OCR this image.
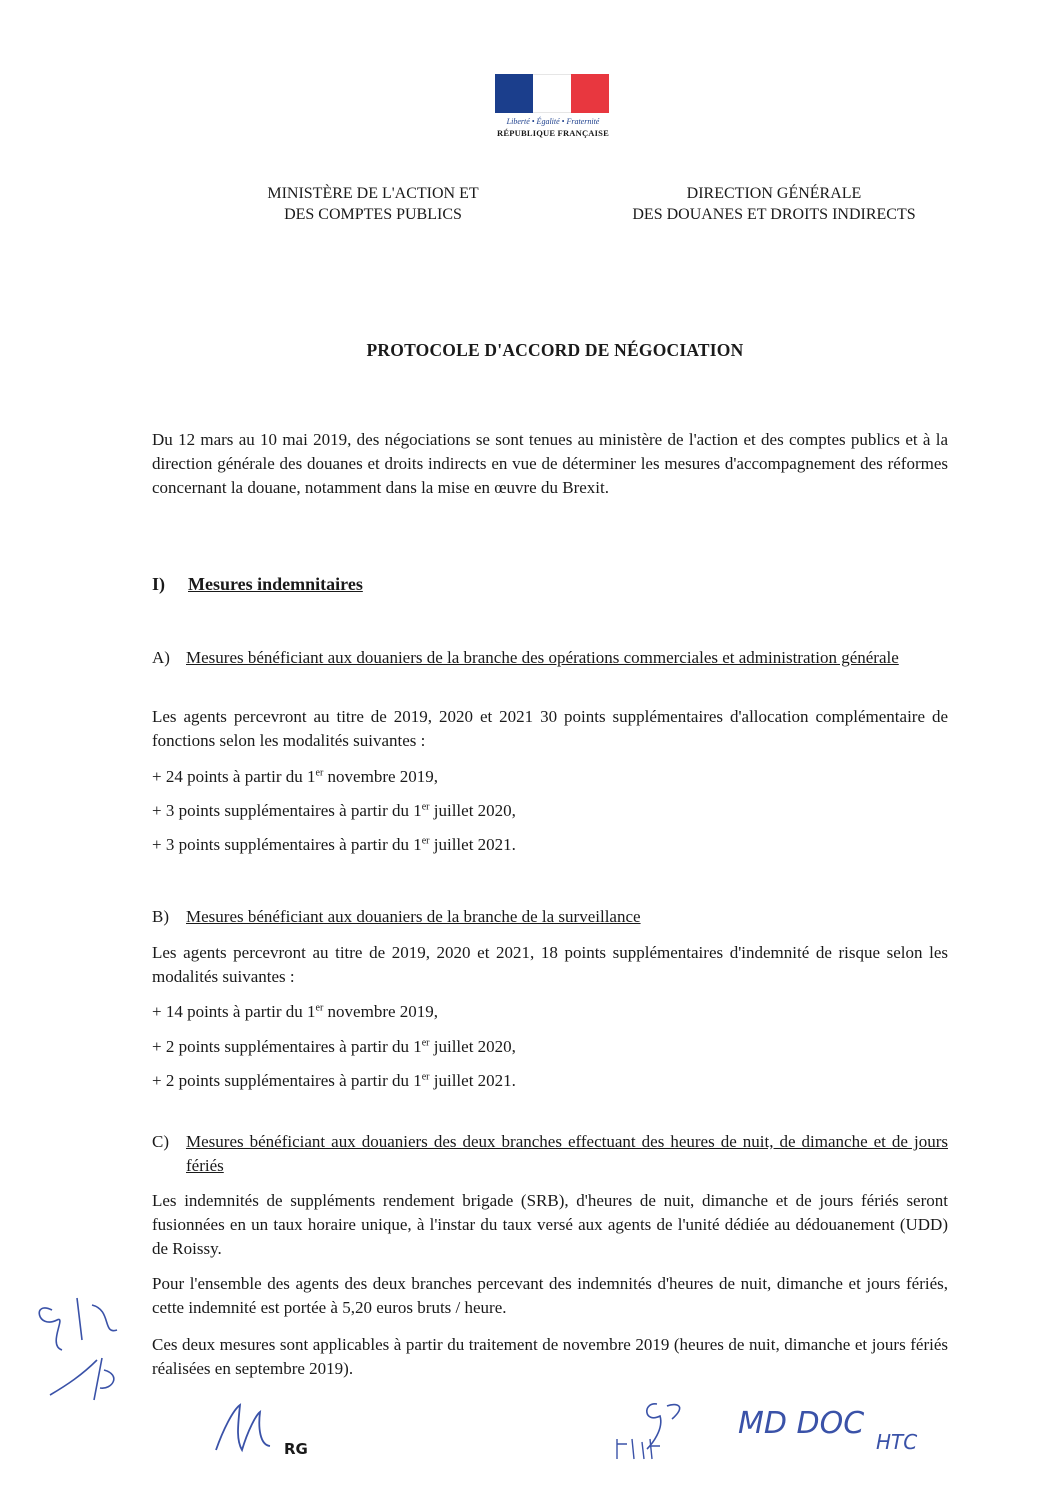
Liberté • Égalité • Fraternité
RÉPUBLIQUE FRANÇAISE
MINISTÈRE DE L'ACTION ET
DES COMPTES PUBLICS
DIRECTION GÉNÉRALE
DES DOUANES ET DROITS INDIRECTS
PROTOCOLE D'ACCORD DE NÉGOCIATION

Du 12 mars au 10 mai 2019, des négociations se sont tenues au ministère de l'action et des comptes publics et à la direction générale des douanes et droits indirects en vue de déterminer les mesures d'accompagnement des réformes concernant la douane, notamment dans la mise en œuvre du Brexit.

I) Mesures indemnitaires
A) Mesures bénéficiant aux douaniers de la branche des opérations commerciales et administration générale

Les agents percevront au titre de 2019, 2020 et 2021 30 points supplémentaires d'allocation complémentaire de fonctions selon les modalités suivantes :

+ 24 points à partir du 1er novembre 2019,
+ 3 points supplémentaires à partir du 1er juillet 2020,
+ 3 points supplémentaires à partir du 1er juillet 2021.
B) Mesures bénéficiant aux douaniers de la branche de la surveillance

Les agents percevront au titre de 2019, 2020 et 2021, 18 points supplémentaires d'indemnité de risque selon les modalités suivantes :

+ 14 points à partir du 1er novembre 2019,
+ 2 points supplémentaires à partir du 1er juillet 2020,
+ 2 points supplémentaires à partir du 1er juillet 2021.
C) Mesures bénéficiant aux douaniers des deux branches effectuant des heures de nuit, de dimanche et de jours fériés

Les indemnités de suppléments rendement brigade (SRB), d'heures de nuit, dimanche et de jours fériés seront fusionnées en un taux horaire unique, à l'instar du taux versé aux agents de l'unité dédiée au dédouanement (UDD) de Roissy.

Pour l'ensemble des agents des deux branches percevant des indemnités d'heures de nuit, dimanche et jours fériés, cette indemnité est portée à 5,20 euros bruts / heure.

Ces deux mesures sont applicables à partir du traitement de novembre 2019 (heures de nuit, dimanche et jours fériés réalisées en septembre 2019).

RG
MD DOC
HTC
